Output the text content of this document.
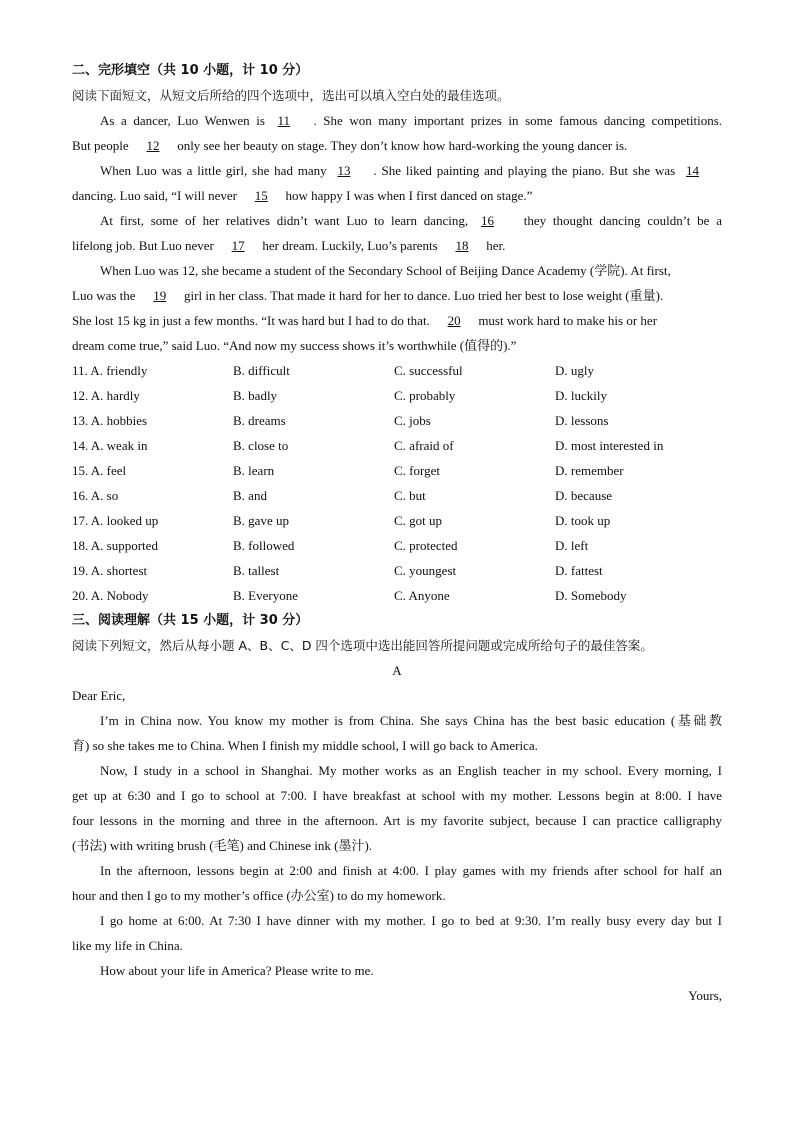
二、完形填空（共 10 小题，计 10 分）
阅读下面短文，从短文后所给的四个选项中，选出可以填入空白处的最佳选项。
As a dancer, Luo Wenwen is 11 . She won many important prizes in some famous dancing competitions.
But people 12 only see her beauty on stage. They don’t know how hard-working the young dancer is.
When Luo was a little girl, she had many 13 . She liked painting and playing the piano. But she was 14
dancing. Luo said, “I will never 15 how happy I was when I first danced on stage.”
At first, some of her relatives didn’t want Luo to learn dancing, 16 they thought dancing couldn’t be a
lifelong job. But Luo never 17 her dream. Luckily, Luo’s parents 18 her.
When Luo was 12, she became a student of the Secondary School of Beijing Dance Academy (学院). At first,
Luo was the 19 girl in her class. That made it hard for her to dance. Luo tried her best to lose weight (重量).
She lost 15 kg in just a few months. “It was hard but I had to do that. 20 must work hard to make his or her
dream come true,” said Luo. “And now my success shows it’s worthwhile (值得的).”
11. A. friendly	B. difficult	C. successful	D. ugly
12. A. hardly	B. badly	C. probably	D. luckily
13. A. hobbies	B. dreams	C. jobs	D. lessons
14. A. weak in	B. close to	C. afraid of	D. most interested in
15. A. feel	B. learn	C. forget	D. remember
16. A. so	B. and	C. but	D. because
17. A. looked up	B. gave up	C. got up	D. took up
18. A. supported	B. followed	C. protected	D. left
19. A. shortest	B. tallest	C. youngest	D. fattest
20. A. Nobody	B. Everyone	C. Anyone	D. Somebody
三、阅读理解（共 15 小题，计 30 分）
阅读下列短文，然后从每小题 A、B、C、D 四个选项中选出能回答所提问题或完成所给句子的最佳答案。
A
Dear Eric,
I’m in China now. You know my mother is from China. She says China has the best basic education (基础教
育) so she takes me to China. When I finish my middle school, I will go back to America.
Now, I study in a school in Shanghai. My mother works as an English teacher in my school. Every morning, I
get up at 6:30 and I go to school at 7:00. I have breakfast at school with my mother. Lessons begin at 8:00. I have
four lessons in the morning and three in the afternoon. Art is my favorite subject, because I can practice calligraphy
(书法) with writing brush (毛笔) and Chinese ink (墨汁).
In the afternoon, lessons begin at 2:00 and finish at 4:00. I play games with my friends after school for half an
hour and then I go to my mother’s office (办公室) to do my homework.
I go home at 6:00. At 7:30 I have dinner with my mother. I go to bed at 9:30. I’m really busy every day but I
like my life in China.
How about your life in America? Please write to me.
Yours,
